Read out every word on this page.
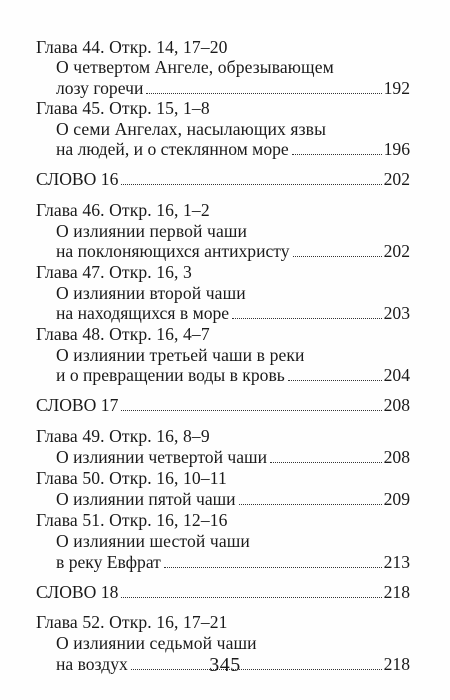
Глава 44. Откр. 14, 17–20
О четвертом Ангеле, обрезывающем
лозу горечи	192
Глава 45. Откр. 15, 1–8
О семи Ангелах, насылающих язвы
на людей, и о стеклянном море	196
СЛОВО 16	202
Глава 46. Откр. 16, 1–2
О излиянии первой чаши
на поклоняющихся антихристу	202
Глава 47. Откр. 16, 3
О излиянии второй чаши
на находящихся в море	203
Глава 48. Откр. 16, 4–7
О излиянии третьей чаши в реки
и о превращении воды в кровь	204
СЛОВО 17	208
Глава 49. Откр. 16, 8–9
О излиянии четвертой чаши	208
Глава 50. Откр. 16, 10–11
О излиянии пятой чаши	209
Глава 51. Откр. 16, 12–16
О излиянии шестой чаши
в реку Евфрат	213
СЛОВО 18	218
Глава 52. Откр. 16, 17–21
О излиянии седьмой чаши
на воздух	218
345
